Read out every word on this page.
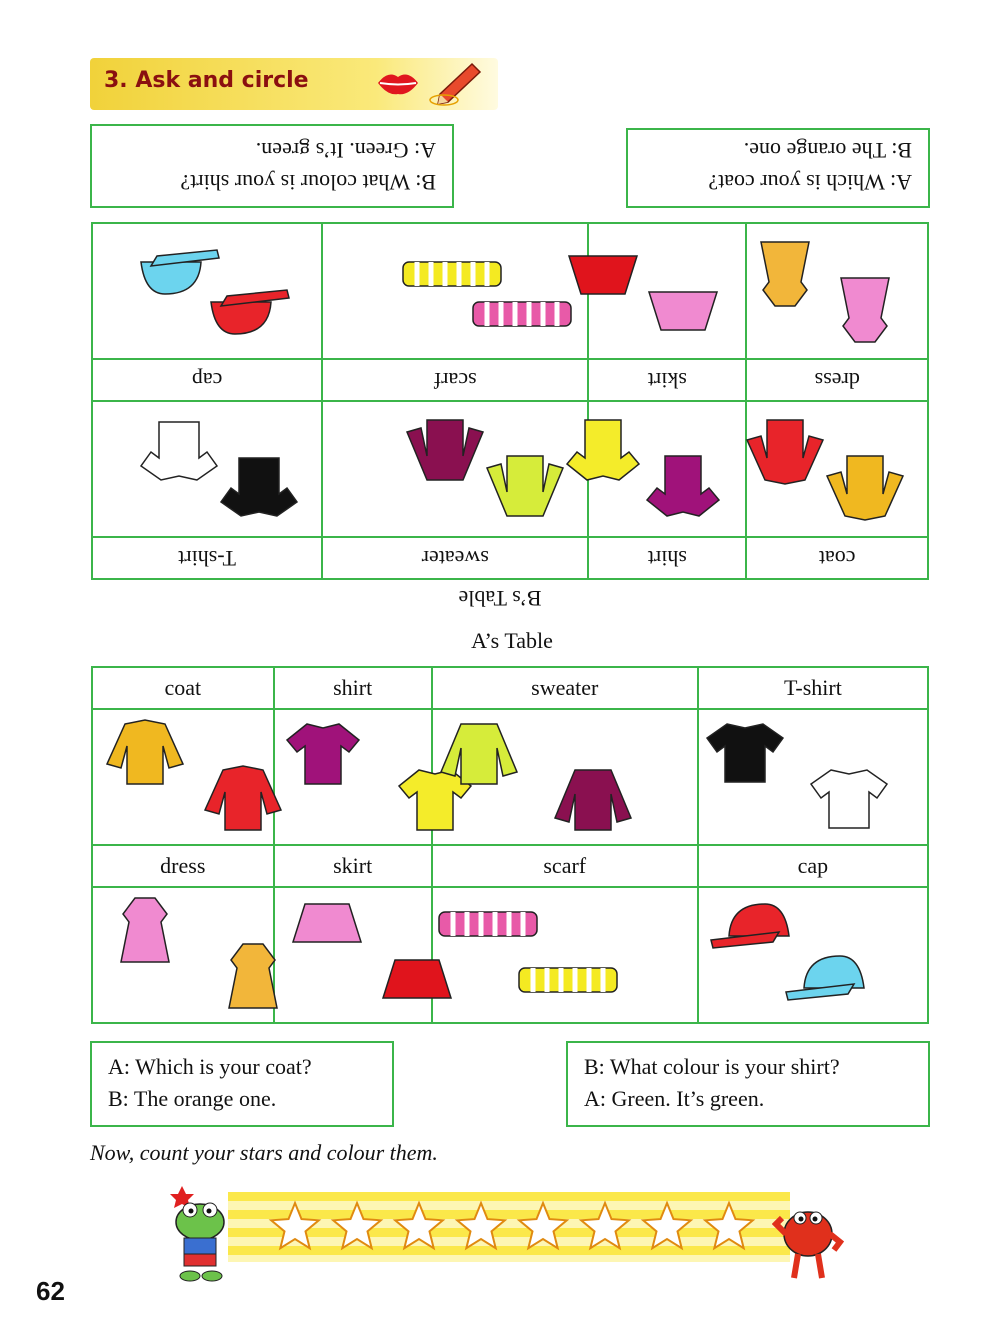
3. Ask and circle
B: What colour is your shirt?
A: Green. It’s green.
A: Which is your coat?
B: The orange one.
coat	shirt	sweater	T-shirt

dress	skirt	scarf	cap

B’s Table
A’s Table
coat	shirt	sweater	T-shirt

dress	skirt	scarf	cap

A: Which is your coat?
B: The orange one.
B: What colour is your shirt?
A: Green. It’s green.
Now, count your stars and colour them.
62
